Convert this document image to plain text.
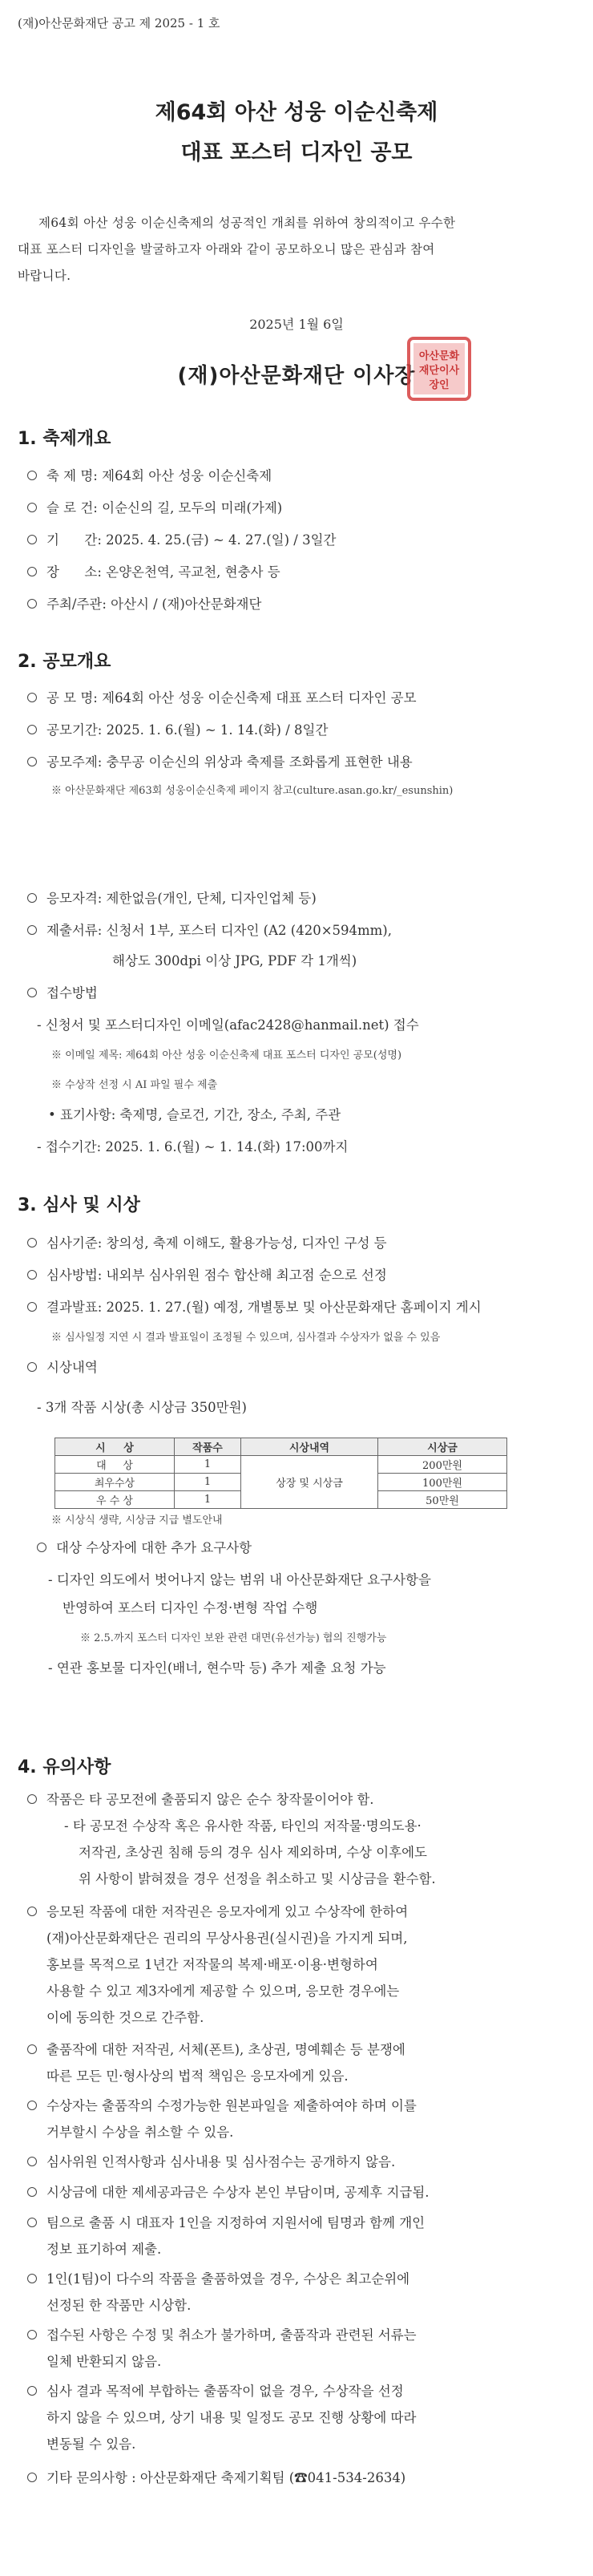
(재)아산문화재단 공고 제 2025 - 1 호
제64회 아산 성웅 이순신축제
대표 포스터 디자인 공모
제64회 아산 성웅 이순신축제의 성공적인 개최를 위하여 창의적이고 우수한
대표 포스터 디자인을 발굴하고자 아래와 같이 공모하오니 많은 관심과 참여
바랍니다.
2025년 1월 6일
(재)아산문화재단 이사장
아산문화
재단이사
장인
1. 축제개요
축 제 명: 제64회 아산 성웅 이순신축제
슬 로 건: 이순신의 길, 모두의 미래(가제)
기      간: 2025. 4. 25.(금) ~ 4. 27.(일) / 3일간
장      소: 온양온천역, 곡교천, 현충사 등
주최/주관: 아산시 / (재)아산문화재단
2. 공모개요
공 모 명: 제64회 아산 성웅 이순신축제 대표 포스터 디자인 공모
공모기간: 2025. 1. 6.(월) ~ 1. 14.(화) / 8일간
공모주제: 충무공 이순신의 위상과 축제를 조화롭게 표현한 내용
※ 아산문화재단 제63회 성웅이순신축제 페이지 참고(culture.asan.go.kr/_esunshin)
응모자격: 제한없음(개인, 단체, 디자인업체 등)
제출서류: 신청서 1부, 포스터 디자인 (A2 (420×594mm),
해상도 300dpi 이상 JPG, PDF 각 1개씩)
접수방법
- 신청서 및 포스터디자인 이메일(afac2428@hanmail.net) 접수
※ 이메일 제목: 제64회 아산 성웅 이순신축제 대표 포스터 디자인 공모(성명)
※ 수상작 선정 시 AI 파일 필수 제출
• 표기사항: 축제명, 슬로건, 기간, 장소, 주최, 주관
- 접수기간: 2025. 1. 6.(월) ~ 1. 14.(화) 17:00까지
3. 심사 및 시상
심사기준: 창의성, 축제 이해도, 활용가능성, 디자인 구성 등
심사방법: 내외부 심사위원 점수 합산해 최고점 순으로 선정
결과발표: 2025. 1. 27.(월) 예정, 개별통보 및 아산문화재단 홈페이지 게시
※ 심사일정 지연 시 결과 발표일이 조정될 수 있으며, 심사결과 수상자가 없을 수 있음
시상내역
- 3개 작품 시상(총 시상금 350만원)
시     상	작품수	시상내역	시상금
대     상	1	상장 및 시상금	200만원
최우수상	1		100만원
우 수 상	1		50만원
※ 시상식 생략, 시상금 지급 별도안내
대상 수상자에 대한 추가 요구사항
- 디자인 의도에서 벗어나지 않는 범위 내 아산문화재단 요구사항을
반영하여 포스터 디자인 수정·변형 작업 수행
※ 2.5.까지 포스터 디자인 보완 관련 대면(유선가능) 협의 진행가능
- 연관 홍보물 디자인(배너, 현수막 등) 추가 제출 요청 가능
4. 유의사항
작품은 타 공모전에 출품되지 않은 순수 창작물이어야 함.
- 타 공모전 수상작 혹은 유사한 작품, 타인의 저작물·명의도용·
저작권, 초상권 침해 등의 경우 심사 제외하며, 수상 이후에도
위 사항이 밝혀졌을 경우 선정을 취소하고 및 시상금을 환수함.
응모된 작품에 대한 저작권은 응모자에게 있고 수상작에 한하여
(재)아산문화재단은 권리의 무상사용권(실시권)을 가지게 되며,
홍보를 목적으로 1년간 저작물의 복제·배포·이용·변형하여
사용할 수 있고 제3자에게 제공할 수 있으며, 응모한 경우에는
이에 동의한 것으로 간주함.
출품작에 대한 저작권, 서체(폰트), 초상권, 명예훼손 등 분쟁에
따른 모든 민·형사상의 법적 책임은 응모자에게 있음.
수상자는 출품작의 수정가능한 원본파일을 제출하여야 하며 이를
거부할시 수상을 취소할 수 있음.
심사위원 인적사항과 심사내용 및 심사점수는 공개하지 않음.
시상금에 대한 제세공과금은 수상자 본인 부담이며, 공제후 지급됨.
팀으로 출품 시 대표자 1인을 지정하여 지원서에 팀명과 함께 개인
정보 표기하여 제출.
1인(1팀)이 다수의 작품을 출품하였을 경우, 수상은 최고순위에
선정된 한 작품만 시상함.
접수된 사항은 수정 및 취소가 불가하며, 출품작과 관련된 서류는
일체 반환되지 않음.
심사 결과 목적에 부합하는 출품작이 없을 경우, 수상작을 선정
하지 않을 수 있으며, 상기 내용 및 일정도 공모 진행 상황에 따라
변동될 수 있음.
기타 문의사항 : 아산문화재단 축제기획팀 (☎041-534-2634)
